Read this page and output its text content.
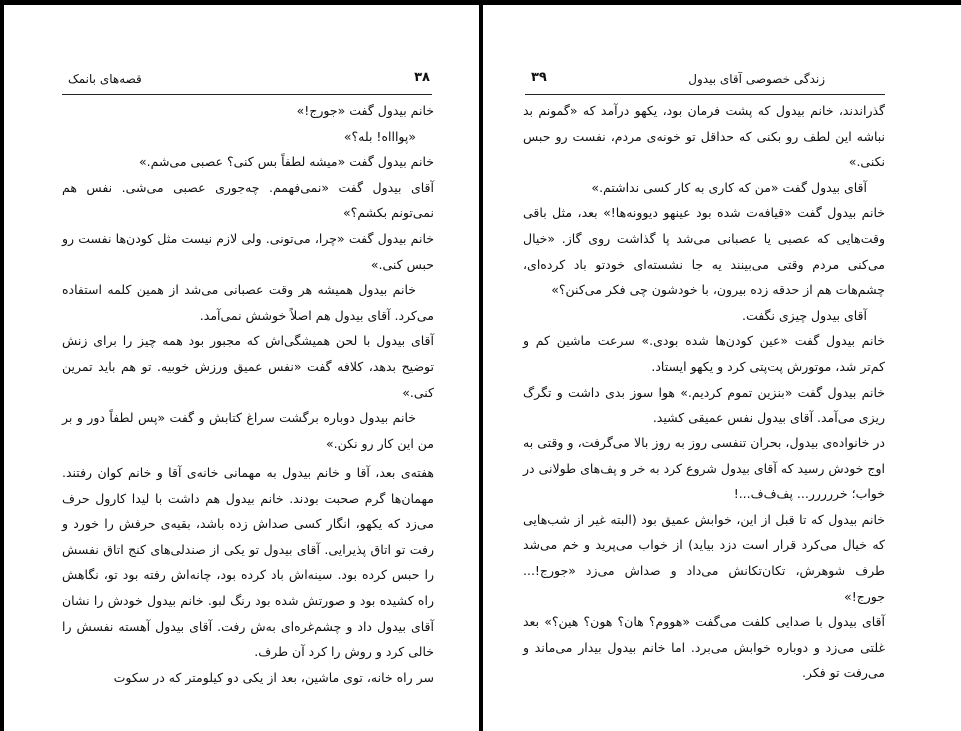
۳۸
قصه‌های بانمک

خانم بیدول گفت «جورج!»

«پواااه! بله؟»

خانم بیدول گفت «میشه لطفاً بس کنی؟ عصبی می‌شم.»

آقای بیدول گفت «نمی‌فهمم. چه‌جوری عصبی می‌شی. نفس هم نمی‌تونم بکشم؟»

خانم بیدول گفت «چرا، می‌تونی. ولی لازم نیست مثل کودن‌ها نفست رو حبس کنی.»

خانم بیدول همیشه هر وقت عصبانی می‌شد از همین کلمه استفاده می‌کرد. آقای بیدول هم اصلاً خوشش نمی‌آمد.

آقای بیدول با لحن همیشگی‌اش که مجبور بود همه چیز را برای زنش توضیح بدهد، کلافه گفت «نفس عمیق ورزش خوبیه. تو هم باید تمرین کنی.»

خانم بیدول دوباره برگشت سراغ کتابش و گفت «پس لطفاً دور و بر من این کار رو نکن.»

هفته‌ی بعد، آقا و خانم بیدول به مهمانی خانه‌ی آقا و خانم کوان رفتند. مهمان‌ها گرم صحبت بودند. خانم بیدول هم داشت با لیدا کارول حرف می‌زد که یکهو، انگار کسی صداش زده باشد، بقیه‌ی حرفش را خورد و رفت تو اتاق پذیرایی. آقای بیدول تو یکی از صندلی‌های کنج اتاق نفسش را حبس کرده بود. سینه‌اش باد کرده بود، چانه‌اش رفته بود تو، نگاهش راه کشیده بود و صورتش شده بود رنگ لبو. خانم بیدول خودش را نشان آقای بیدول داد و چشم‌غره‌ای به‌ش رفت. آقای بیدول آهسته نفسش را خالی کرد و روش را کرد آن طرف.

سر راه خانه، توی ماشین، بعد از یکی دو کیلومتر که در سکوت

زندگی خصوصی آقای بیدول
۳۹

گذراندند، خانم بیدول که پشت فرمان بود، یکهو درآمد که «گمونم بد نباشه این لطف رو بکنی که حداقل تو خونه‌ی مردم، نفست رو حبس نکنی.»

آقای بیدول گفت «من که کاری به کار کسی نداشتم.»

خانم بیدول گفت «قیافه‌ت شده بود عینهو دیوونه‌ها!» بعد، مثل باقی وقت‌هایی که عصبی یا عصبانی می‌شد پا گذاشت روی گاز. «خیال می‌کنی مردم وقتی می‌بینند یه جا نشسته‌ای خودتو باد کرده‌ای، چشم‌هات هم از حدقه زده بیرون، با خودشون چی فکر می‌کنن؟»

آقای بیدول چیزی نگفت.

خانم بیدول گفت «عین کودن‌ها شده بودی.» سرعت ماشین کم و کم‌تر شد، موتورش پت‌پتی کرد و یکهو ایستاد.

خانم بیدول گفت «بنزین تموم کردیم.» هوا سوز بدی داشت و تگرگ ریزی می‌آمد. آقای بیدول نفس عمیقی کشید.

در خانواده‌ی بیدول، بحران تنفسی روز به روز بالا می‌گرفت، و وقتی به اوج خودش رسید که آقای بیدول شروع کرد به خر و پف‌های طولانی در خواب؛ خررررر... پف‌ف‌ف...!

خانم بیدول که تا قبل از این، خوابش عمیق بود (البته غیر از شب‌هایی که خیال می‌کرد قرار است دزد بیاید) از خواب می‌پرید و خم می‌شد طرف شوهرش، تکان‌تکانش می‌داد و صداش می‌زد «جورج!... جورج!»

آقای بیدول با صدایی کلفت می‌گفت «هووم؟ هان؟ هون؟ هین؟» بعد غلتی می‌زد و دوباره خوابش می‌برد. اما خانم بیدول بیدار می‌ماند و می‌رفت تو فکر.
